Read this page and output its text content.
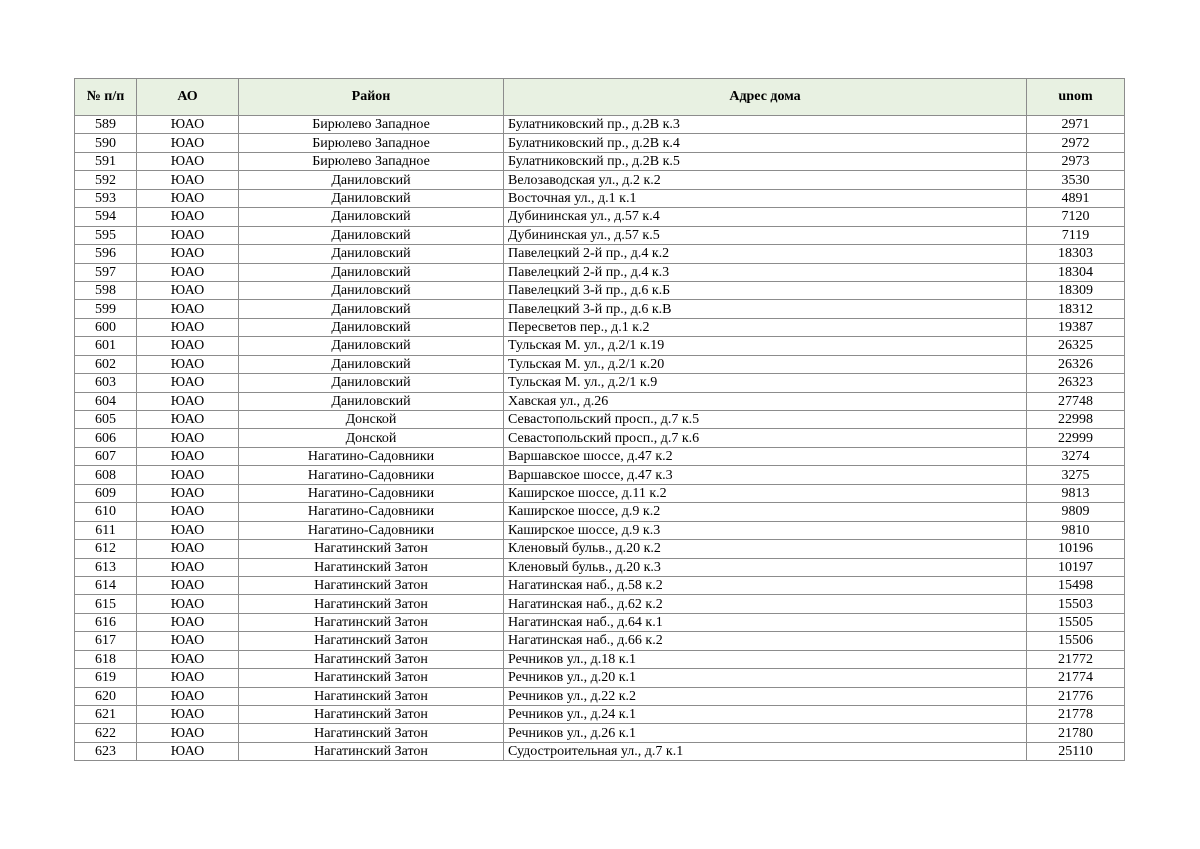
№ п/п	АО	Район	Адрес дома	unom
589	ЮАО	Бирюлево Западное	Булатниковский пр., д.2В к.3	2971
590	ЮАО	Бирюлево Западное	Булатниковский пр., д.2В к.4	2972
591	ЮАО	Бирюлево Западное	Булатниковский пр., д.2В к.5	2973
592	ЮАО	Даниловский	Велозаводская ул., д.2 к.2	3530
593	ЮАО	Даниловский	Восточная ул., д.1 к.1	4891
594	ЮАО	Даниловский	Дубининская ул., д.57 к.4	7120
595	ЮАО	Даниловский	Дубининская ул., д.57 к.5	7119
596	ЮАО	Даниловский	Павелецкий 2-й пр., д.4 к.2	18303
597	ЮАО	Даниловский	Павелецкий 2-й пр., д.4 к.3	18304
598	ЮАО	Даниловский	Павелецкий 3-й пр., д.6 к.Б	18309
599	ЮАО	Даниловский	Павелецкий 3-й пр., д.6 к.В	18312
600	ЮАО	Даниловский	Пересветов пер., д.1 к.2	19387
601	ЮАО	Даниловский	Тульская М. ул., д.2/1 к.19	26325
602	ЮАО	Даниловский	Тульская М. ул., д.2/1 к.20	26326
603	ЮАО	Даниловский	Тульская М. ул., д.2/1 к.9	26323
604	ЮАО	Даниловский	Хавская ул., д.26	27748
605	ЮАО	Донской	Севастопольский просп., д.7 к.5	22998
606	ЮАО	Донской	Севастопольский просп., д.7 к.6	22999
607	ЮАО	Нагатино-Садовники	Варшавское шоссе, д.47 к.2	3274
608	ЮАО	Нагатино-Садовники	Варшавское шоссе, д.47 к.3	3275
609	ЮАО	Нагатино-Садовники	Каширское шоссе, д.11 к.2	9813
610	ЮАО	Нагатино-Садовники	Каширское шоссе, д.9 к.2	9809
611	ЮАО	Нагатино-Садовники	Каширское шоссе, д.9 к.3	9810
612	ЮАО	Нагатинский Затон	Кленовый бульв., д.20 к.2	10196
613	ЮАО	Нагатинский Затон	Кленовый бульв., д.20 к.3	10197
614	ЮАО	Нагатинский Затон	Нагатинская наб., д.58 к.2	15498
615	ЮАО	Нагатинский Затон	Нагатинская наб., д.62 к.2	15503
616	ЮАО	Нагатинский Затон	Нагатинская наб., д.64 к.1	15505
617	ЮАО	Нагатинский Затон	Нагатинская наб., д.66 к.2	15506
618	ЮАО	Нагатинский Затон	Речников ул., д.18 к.1	21772
619	ЮАО	Нагатинский Затон	Речников ул., д.20 к.1	21774
620	ЮАО	Нагатинский Затон	Речников ул., д.22 к.2	21776
621	ЮАО	Нагатинский Затон	Речников ул., д.24 к.1	21778
622	ЮАО	Нагатинский Затон	Речников ул., д.26 к.1	21780
623	ЮАО	Нагатинский Затон	Судостроительная ул., д.7 к.1	25110
